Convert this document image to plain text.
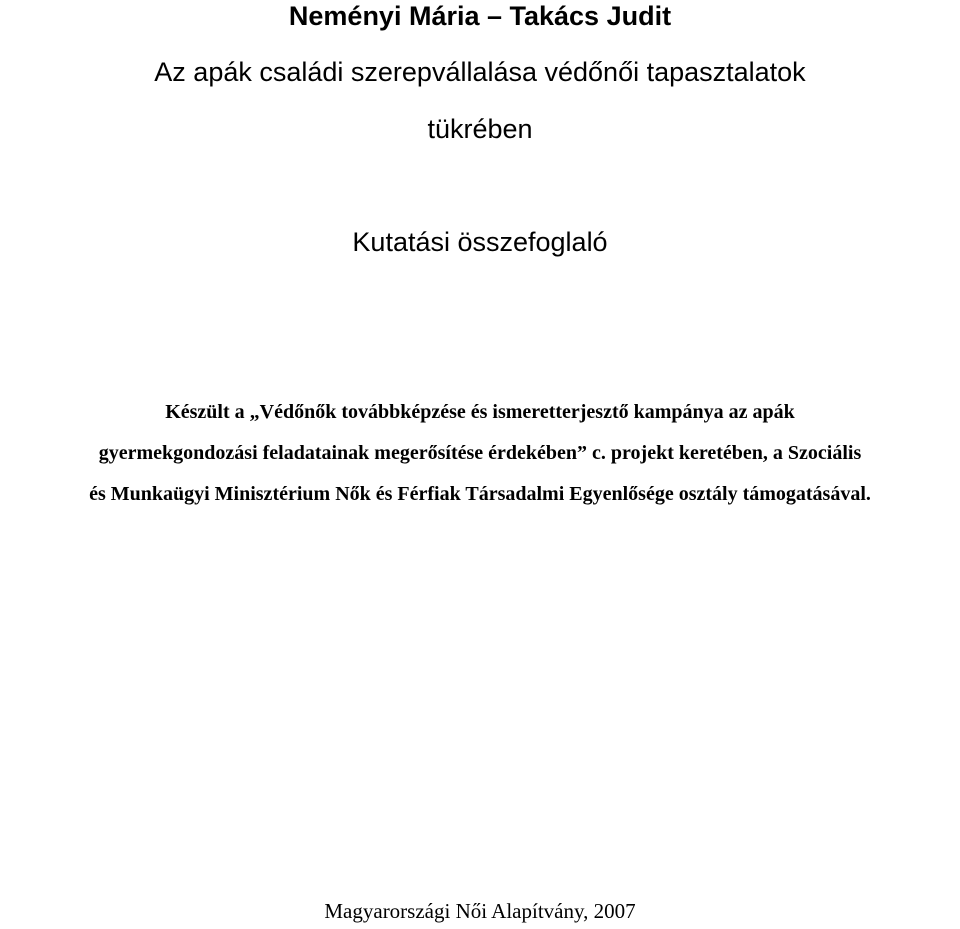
Neményi Mária – Takács Judit
Az apák családi szerepvállalása védőnői tapasztalatok
tükrében
Kutatási összefoglaló
Készült a „Védőnők továbbképzése és ismeretterjesztő kampánya az apák
gyermekgondozási feladatainak megerősítése érdekében” c. projekt keretében, a Szociális
és Munkaügyi Minisztérium Nők és Férfiak Társadalmi Egyenlősége osztály támogatásával.
Magyarországi Női Alapítvány, 2007
